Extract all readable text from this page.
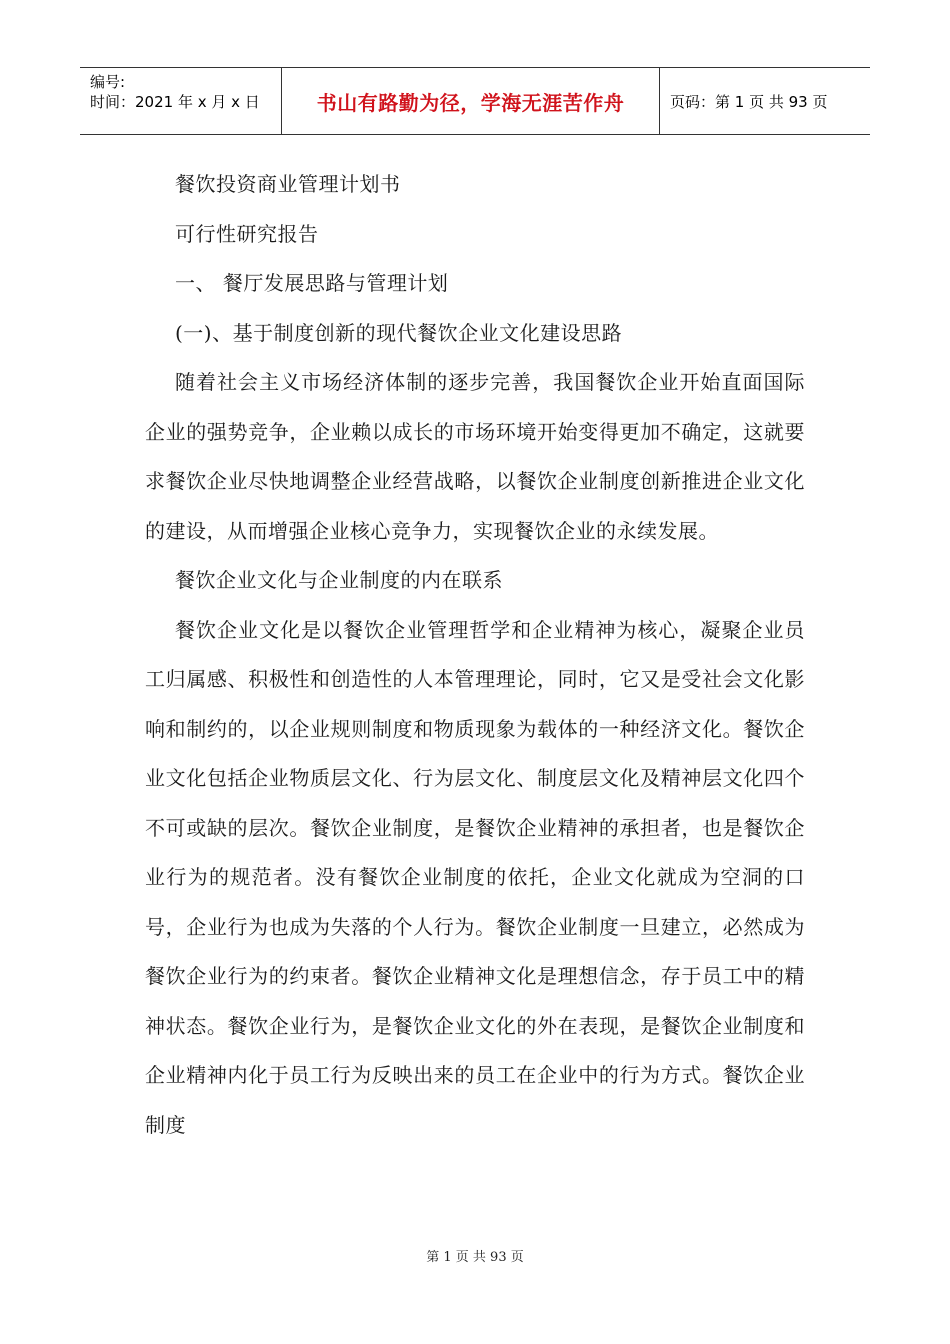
编号:
时间：2021 年 x 月 x 日	书山有路勤为径，学海无涯苦作舟	页码：第 1 页 共 93 页

餐饮投资商业管理计划书

可行性研究报告

一、 餐厅发展思路与管理计划

(一)、基于制度创新的现代餐饮企业文化建设思路

随着社会主义市场经济体制的逐步完善，我国餐饮企业开始直面国际企业的强势竞争，企业赖以成长的市场环境开始变得更加不确定，这就要求餐饮企业尽快地调整企业经营战略，以餐饮企业制度创新推进企业文化的建设，从而增强企业核心竞争力，实现餐饮企业的永续发展。

餐饮企业文化与企业制度的内在联系

餐饮企业文化是以餐饮企业管理哲学和企业精神为核心，凝聚企业员工归属感、积极性和创造性的人本管理理论，同时，它又是受社会文化影响和制约的，以企业规则制度和物质现象为载体的一种经济文化。餐饮企业文化包括企业物质层文化、行为层文化、制度层文化及精神层文化四个不可或缺的层次。餐饮企业制度，是餐饮企业精神的承担者，也是餐饮企业行为的规范者。没有餐饮企业制度的依托，企业文化就成为空洞的口号，企业行为也成为失落的个人行为。餐饮企业制度一旦建立，必然成为餐饮企业行为的约束者。餐饮企业精神文化是理想信念，存于员工中的精神状态。餐饮企业行为，是餐饮企业文化的外在表现，是餐饮企业制度和企业精神内化于员工行为反映出来的员工在企业中的行为方式。餐饮企业制度

第 1 页 共 93 页
